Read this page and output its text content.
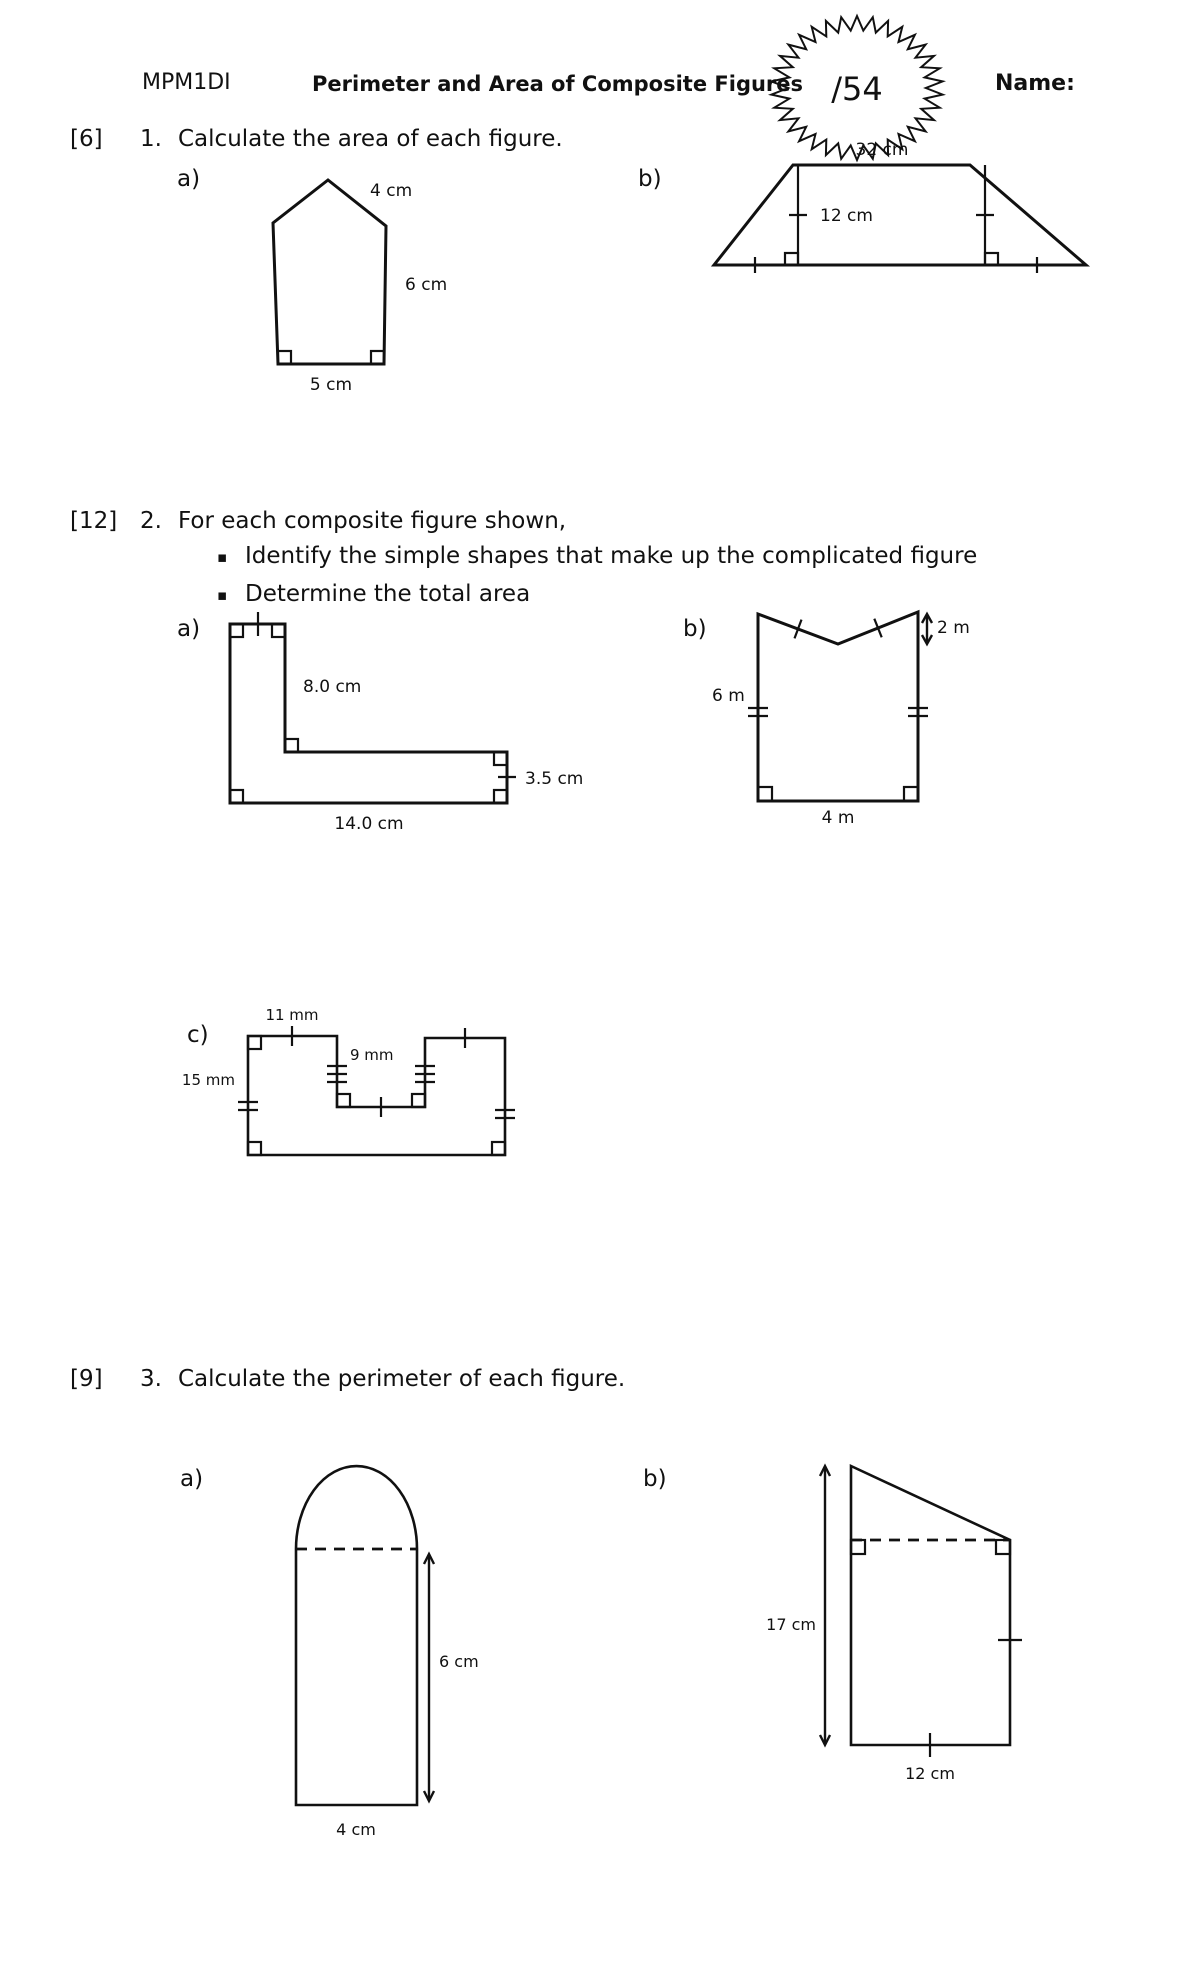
MPM1DI	Perimeter and Area of Composite Figures /54	Name:
[6] 1. Calculate the area of each figure.
a)	b)
4 cm
6 cm
5 cm
32 cm
12 cm
[12] 2. For each composite figure shown,
▪ Identify the simple shapes that make up the complicated figure
▪ Determine the total area
a)	b)
c)
8.0 cm
3.5 cm
14.0 cm
6 m
2 m
4 m
11 mm
9 mm
15 mm
[9] 3. Calculate the perimeter of each figure.
a)	b)
6 cm
4 cm
17 cm
12 cm
